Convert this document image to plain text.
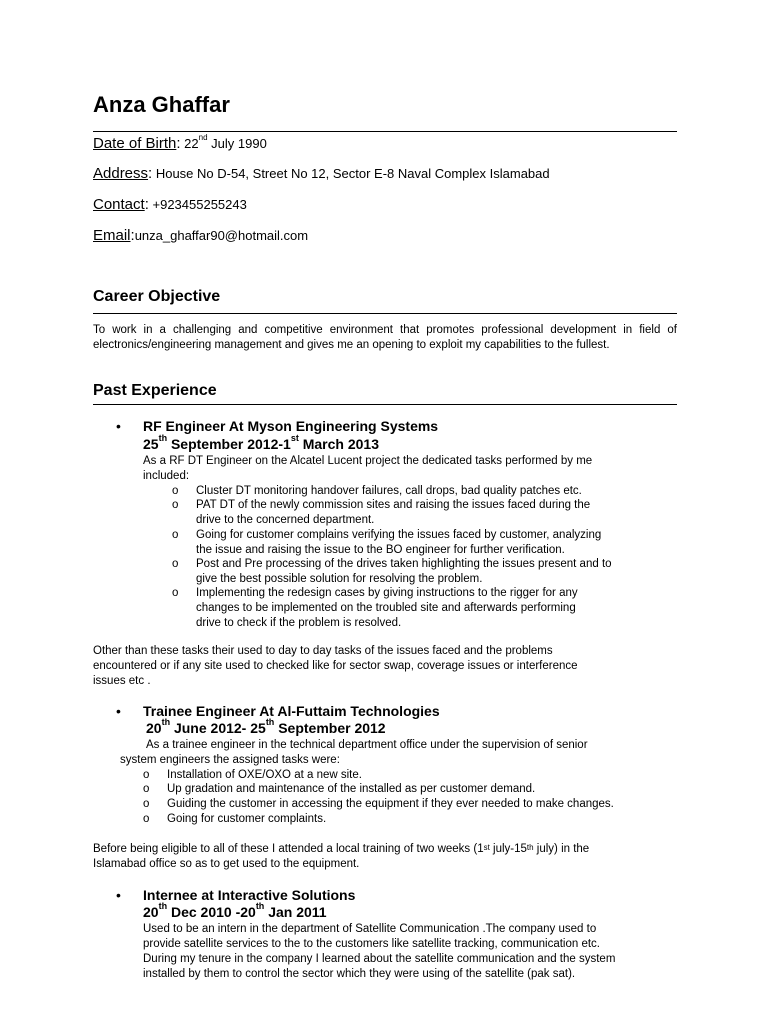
Anza Ghaffar
Date of Birth: 22nd July 1990
Address: House No D-54, Street No 12, Sector E-8 Naval Complex Islamabad
Contact: +923455255243
Email:unza_ghaffar90@hotmail.com
Career Objective
To work in a challenging and competitive environment that promotes professional development in field of electronics/engineering management and gives me an opening to exploit my capabilities to the fullest.
Past Experience
• RF Engineer At Myson Engineering Systems
25th September 2012-1st March 2013
As a RF DT Engineer on the Alcatel Lucent project the dedicated tasks performed by me
included:
o Cluster DT monitoring handover failures, call drops, bad quality patches etc.
o PAT DT of the newly commission sites and raising the issues faced during the
drive to the concerned department.
o Going for customer complains verifying the issues faced by customer, analyzing
the issue and raising the issue to the BO engineer for further verification.
o Post and Pre processing of the drives taken highlighting the issues present and to
give the best possible solution for resolving the problem.
o Implementing the redesign cases by giving instructions to the rigger for any
changes to be implemented on the troubled site and afterwards performing
drive to check if the problem is resolved.
Other than these tasks their used to day to day tasks of the issues faced and the problems
encountered or if any site used to checked like for sector swap, coverage issues or interference
issues etc .
• Trainee Engineer At Al-Futtaim Technologies
20th June 2012- 25th September 2012
As a trainee engineer in the technical department office under the supervision of senior
system engineers the assigned tasks were:
o Installation of OXE/OXO at a new site.
o Up gradation and maintenance of the installed as per customer demand.
o Guiding the customer in accessing the equipment if they ever needed to make changes.
o Going for customer complaints.
Before being eligible to all of these I attended a local training of two weeks (1st july-15th july) in the
Islamabad office so as to get used to the equipment.
• Internee at Interactive Solutions
20th Dec 2010 -20th Jan 2011
Used to be an intern in the department of Satellite Communication .The company used to
provide satellite services to the to the customers like satellite tracking, communication etc.
During my tenure in the company I learned about the satellite communication and the system
installed by them to control the sector which they were using of the satellite (pak sat).
